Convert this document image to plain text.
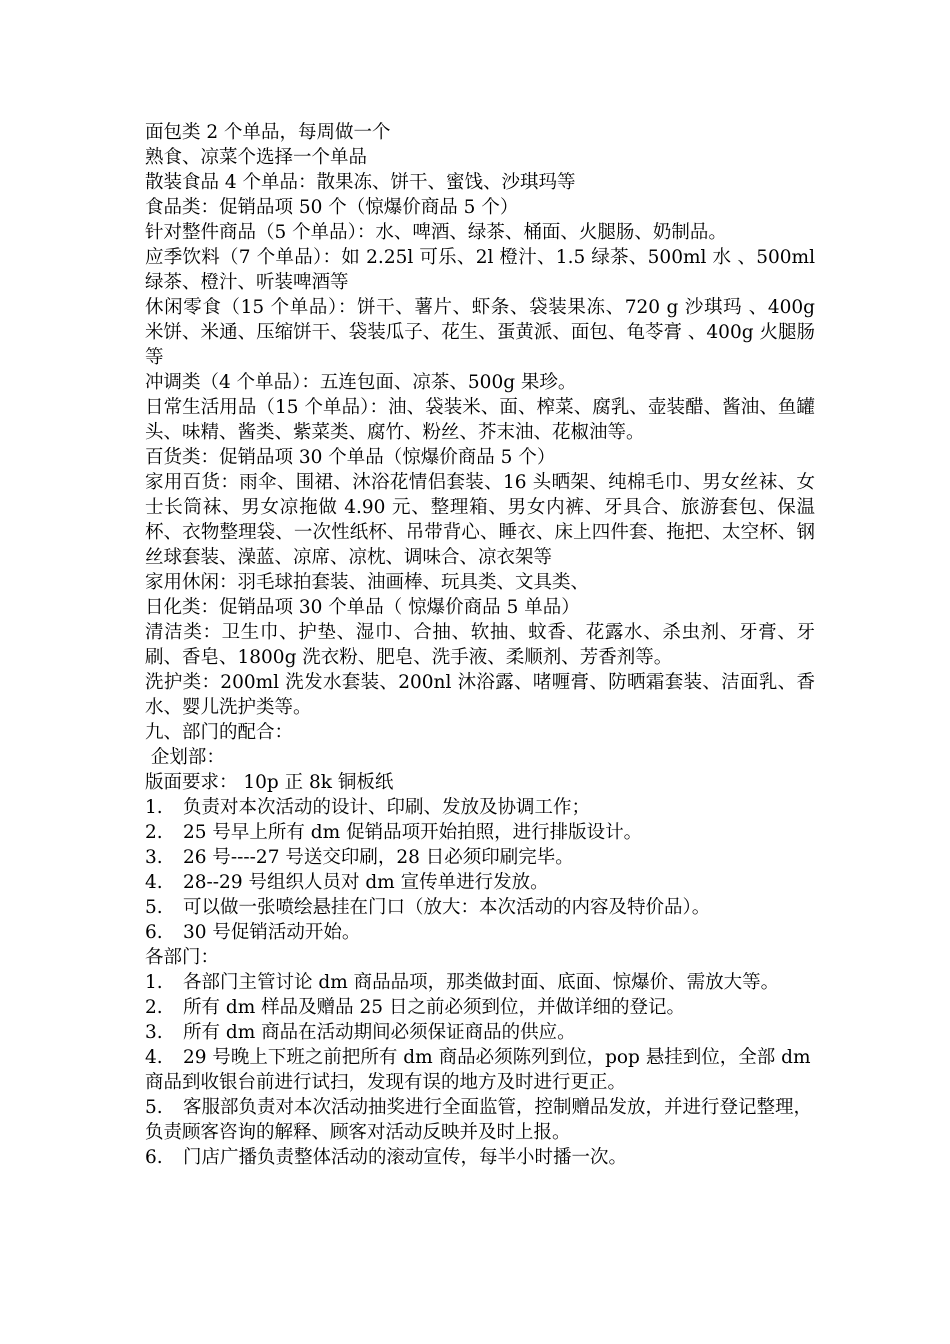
面包类 2 个单品，每周做一个
熟食、凉菜个选择一个单品
散装食品 4 个单品：散果冻、饼干、蜜饯、沙琪玛等
食品类：促销品项 50 个（惊爆价商品 5 个）
针对整件商品（5 个单品）：水、啤酒、绿茶、桶面、火腿肠、奶制品。
应季饮料（7 个单品）：如 2.25l 可乐、2l 橙汁、1.5 绿茶、500ml 水 、500ml 绿茶、橙汁、听装啤酒等
休闲零食（15 个单品）：饼干、薯片、虾条、袋装果冻、720 g 沙琪玛 、400g 米饼、米通、压缩饼干、袋装瓜子、花生、蛋黄派、面包、龟苓膏 、400g 火腿肠等
冲调类（4 个单品）：五连包面、凉茶、500g 果珍。
日常生活用品（15 个单品）：油、袋装米、面、榨菜、腐乳、壶装醋、酱油、鱼罐头、味精、酱类、紫菜类、腐竹、粉丝、芥末油、花椒油等。
百货类：促销品项 30 个单品（惊爆价商品 5 个）
家用百货：雨伞、围裙、沐浴花情侣套装、16 头晒架、纯棉毛巾、男女丝袜、女士长筒袜、男女凉拖做 4.90 元、整理箱、男女内裤、牙具合、旅游套包、保温杯、衣物整理袋、一次性纸杯、吊带背心、睡衣、床上四件套、拖把、太空杯、钢丝球套装、澡蓝、凉席、凉枕、调味合、凉衣架等
家用休闲：羽毛球拍套装、油画棒、玩具类、文具类、
日化类：促销品项 30 个单品（ 惊爆价商品 5 单品）
清洁类：卫生巾、护垫、湿巾、合抽、软抽、蚊香、花露水、杀虫剂、牙膏、牙刷、香皂、1800g 洗衣粉、肥皂、洗手液、柔顺剂、芳香剂等。
洗护类：200ml 洗发水套装、200nl 沐浴露、啫喱膏、防晒霜套装、洁面乳、香水、婴儿洗护类等。
九、部门的配合：
企划部：
版面要求： 10p 正 8k 铜板纸
1.	负责对本次活动的设计、印刷、发放及协调工作；
2.	25 号早上所有 dm 促销品项开始拍照，进行排版设计。
3.	26 号----27 号送交印刷，28 日必须印刷完毕。
4.	28--29 号组织人员对 dm 宣传单进行发放。
5.	可以做一张喷绘悬挂在门口（放大：本次活动的内容及特价品）。
6.	30 号促销活动开始。
各部门：
1. 各部门主管讨论 dm 商品品项，那类做封面、底面、惊爆价、需放大等。
2.	所有 dm 样品及赠品 25 日之前必须到位，并做详细的登记。
3.	所有 dm 商品在活动期间必须保证商品的供应。
4. 29 号晚上下班之前把所有 dm 商品必须陈列到位，pop 悬挂到位，全部 dm 商品到收银台前进行试扫，发现有误的地方及时进行更正。
5. 客服部负责对本次活动抽奖进行全面监管，控制赠品发放，并进行登记整理，负责顾客咨询的解释、顾客对活动反映并及时上报。
6.	门店广播负责整体活动的滚动宣传，每半小时播一次。
